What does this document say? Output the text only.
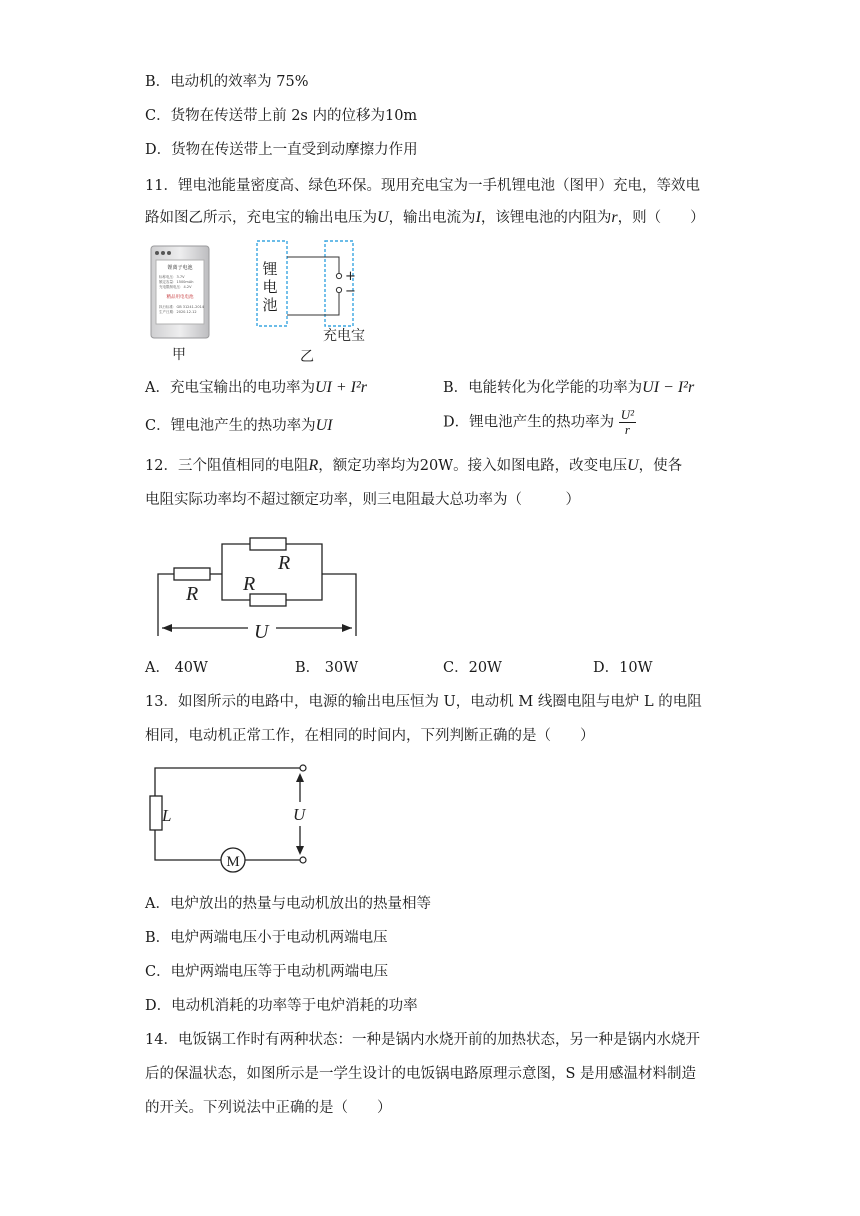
B．电动机的效率为 75%
C．货物在传送带上前 2s 内的位移为10m
D．货物在传送带上一直受到动摩擦力作用
11．锂电池能量密度高、绿色环保。现用充电宝为一手机锂电池（图甲）充电，等效电
路如图乙所示，充电宝的输出电压为U，输出电流为I，该锂电池的内阻为r，则（　　）
锂离子电池
标称电压：3.7V
额定容量：1500mAh
充电限制电压：4.2V
精品用电电池
执行标准：GB 31241-2014
生产日期：2020.12.12
甲
+
−
锂电池
充电宝
乙
A．充电宝输出的电功率为UI + I²r	B．电能转化为化学能的功率为UI − I²r
C．锂电池产生的热功率为UI	D．锂电池产生的热功率为 $\frac{\text{U²}}{r}$
12．三个阻值相同的电阻R，额定功率均为20W。接入如图电路，改变电压U，使各
电阻实际功率均不超过额定功率，则三电阻最大总功率为（　　　）
R
R R
U
A． 40W	B． 30W	C．20W	D．10W
13．如图所示的电路中，电源的输出电压恒为 U，电动机 M 线圈电阻与电炉 L 的电阻
相同，电动机正常工作，在相同的时间内，下列判断正确的是（　　）
L	U
M
A．电炉放出的热量与电动机放出的热量相等
B．电炉两端电压小于电动机两端电压
C．电炉两端电压等于电动机两端电压
D．电动机消耗的功率等于电炉消耗的功率
14．电饭锅工作时有两种状态：一种是锅内水烧开前的加热状态，另一种是锅内水烧开
后的保温状态，如图所示是一学生设计的电饭锅电路原理示意图，S 是用感温材料制造
的开关。下列说法中正确的是（　　）
